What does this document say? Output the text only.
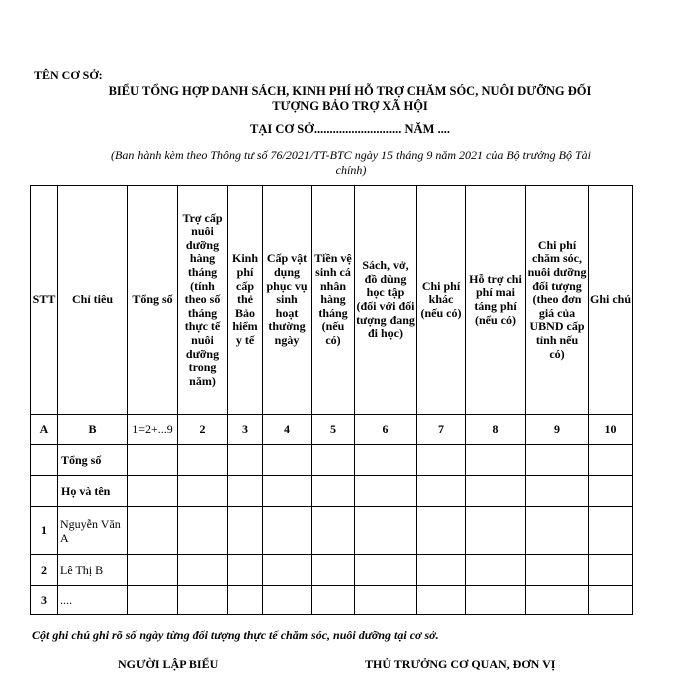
TÊN CƠ SỞ:
BIỂU TỔNG HỢP DANH SÁCH, KINH PHÍ HỖ TRỢ CHĂM SÓC, NUÔI DƯỠNG ĐỐI
TƯỢNG BẢO TRỢ XÃ HỘI
TẠI CƠ SỞ............................ NĂM ....
(Ban hành kèm theo Thông tư số 76/2021/TT-BTC ngày 15 tháng 9 năm 2021 của Bộ trưởng Bộ Tài
chính)
STT	Chỉ tiêu	Tổng số	Trợ cấp nuôi dưỡng hàng tháng (tính theo số tháng thực tế nuôi dưỡng trong năm)	Kinh phí cấp thẻ Bảo hiểm y tế	Cấp vật dụng phục vụ sinh hoạt thường ngày	Tiền vệ sinh cá nhân hàng tháng (nếu có)	Sách, vở, đồ dùng học tập (đối với đối tượng đang đi học)	Chi phí khác (nếu có)	Hỗ trợ chi phí mai táng phí (nếu có)	Chi phí chăm sóc, nuôi dưỡng đối tượng (theo đơn giá của UBND cấp tỉnh nếu có)	Ghi chú
A	B	1=2+...9	2	3	4	5	6	7	8	9	10
	Tổng số										
	Họ và tên										
1	Nguyễn Văn A										
2	Lê Thị B										
3	....										
Cột ghi chú ghi rõ số ngày từng đối tượng thực tế chăm sóc, nuôi dưỡng tại cơ sở.
NGƯỜI LẬP BIỂU	THỦ TRƯỞNG CƠ QUAN, ĐƠN VỊ
